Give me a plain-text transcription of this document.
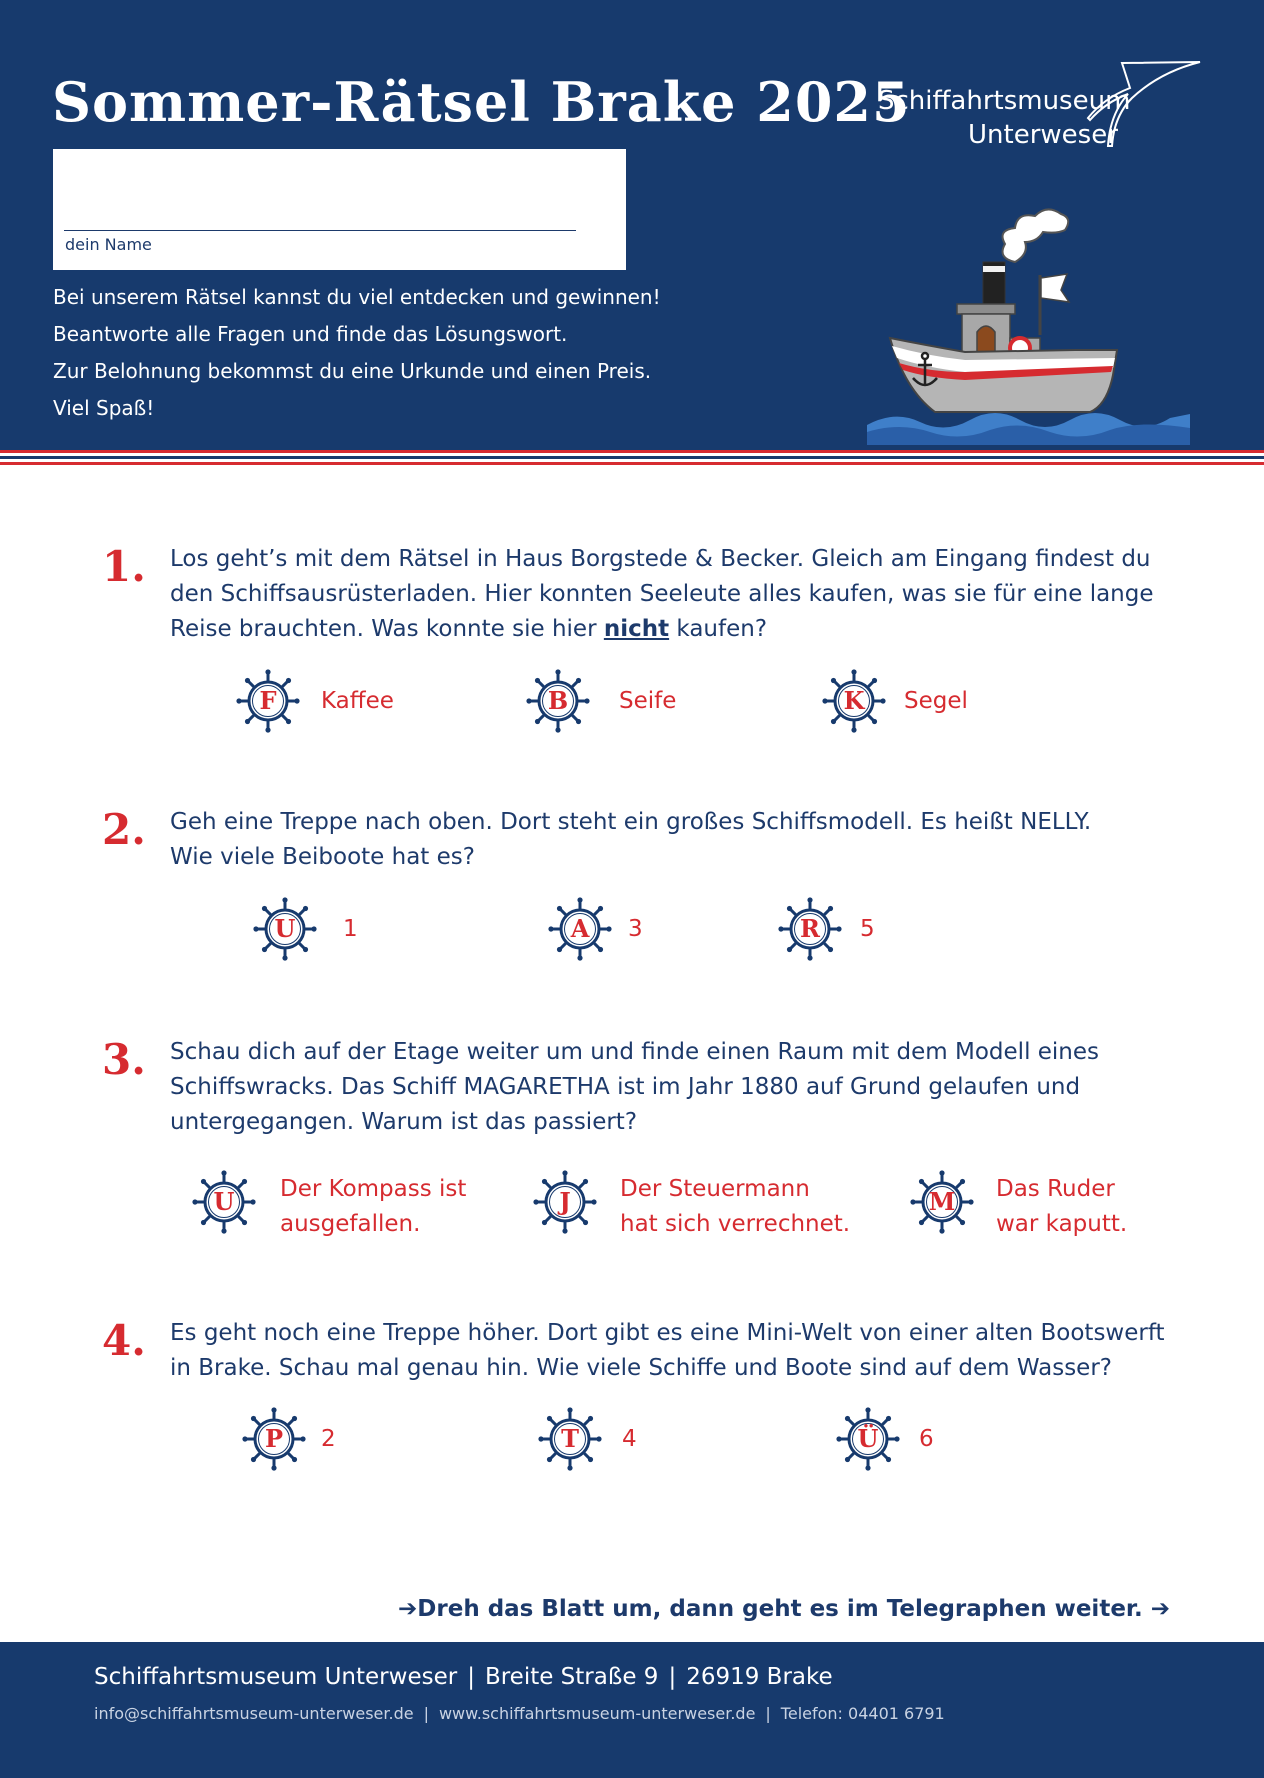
Sommer-Rätsel Brake 2025
dein Name
Bei unserem Rätsel kannst du viel entdecken und gewinnen!
Beantworte alle Fragen und finde das Lösungswort.
Zur Belohnung bekommst du eine Urkunde und einen Preis.
Viel Spaß!
Schiffahrtsmuseum
Unterweser
1. Los geht’s mit dem Rätsel in Haus Borgstede & Becker. Gleich am Eingang findest du
den Schiffsausrüsterladen. Hier konnten Seeleute alles kaufen, was sie für eine lange
Reise brauchten. Was konnte sie hier nicht kaufen?
F	Kaffee	B	Seife	K	Segel
2. Geh eine Treppe nach oben. Dort steht ein großes Schiffsmodell. Es heißt NELLY.
Wie viele Beiboote hat es?
U	1	A	3	R	5
3. Schau dich auf der Etage weiter um und finde einen Raum mit dem Modell eines
Schiffswracks. Das Schiff MAGARETHA ist im Jahr 1880 auf Grund gelaufen und
untergegangen. Warum ist das passiert?
U	Der Kompass ist
ausgefallen.
J	Der Steuermann
hat sich verrechnet.
M	Das Ruder
war kaputt.
4. Es geht noch eine Treppe höher. Dort gibt es eine Mini-Welt von einer alten Bootswerft
in Brake. Schau mal genau hin. Wie viele Schiffe und Boote sind auf dem Wasser?
P	2	T	4	Ü	6
➔Dreh das Blatt um, dann geht es im Telegraphen weiter. ➔
Schiffahrtsmuseum Unterweser | Breite Straße 9 | 26919 Brake
info@schiffahrtsmuseum-unterweser.de | www.schiffahrtsmuseum-unterweser.de | Telefon: 04401 6791
